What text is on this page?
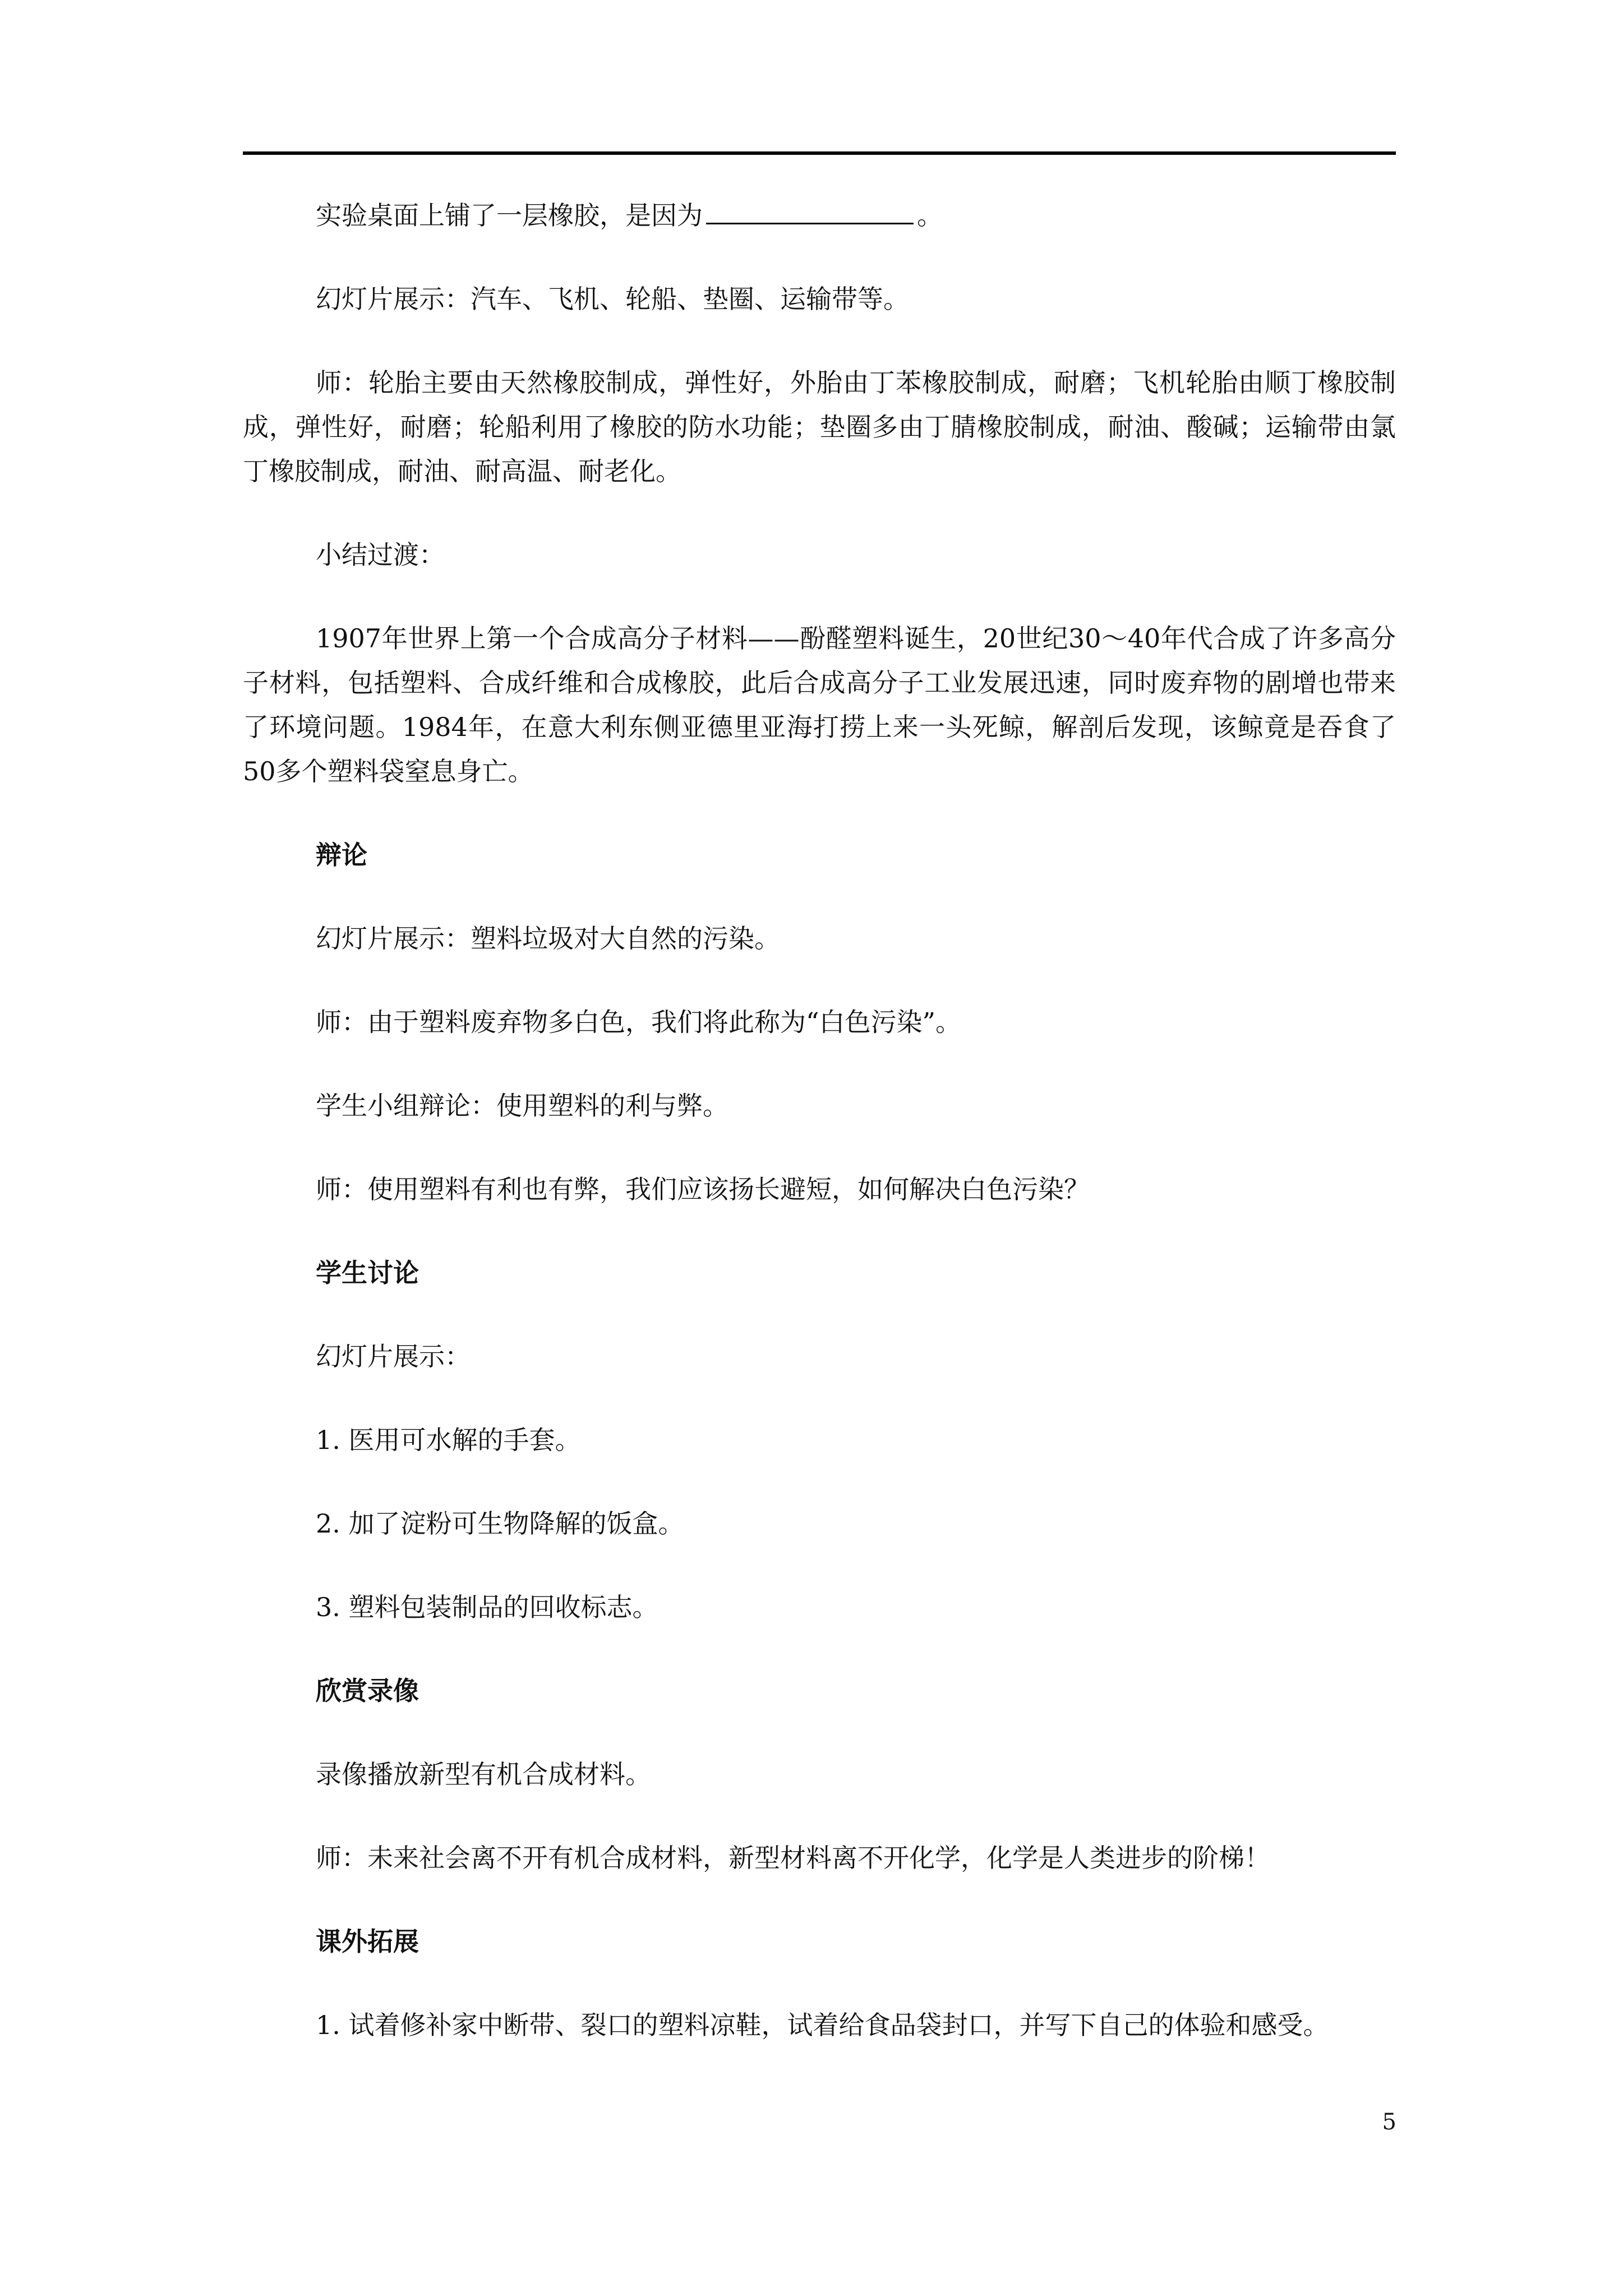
实验桌面上铺了一层橡胶，是因为	。

幻灯片展示：汽车、飞机、轮船、垫圈、运输带等。

师：轮胎主要由天然橡胶制成，弹性好，外胎由丁苯橡胶制成，耐磨；飞机轮胎由顺丁橡胶制成，弹性好，耐磨；轮船利用了橡胶的防水功能；垫圈多由丁腈橡胶制成，耐油、酸碱；运输带由氯丁橡胶制成，耐油、耐高温、耐老化。

小结过渡：

1907年世界上第一个合成高分子材料——酚醛塑料诞生，20世纪30～40年代合成了许多高分子材料，包括塑料、合成纤维和合成橡胶，此后合成高分子工业发展迅速，同时废弃物的剧增也带来了环境问题。1984年，在意大利东侧亚德里亚海打捞上来一头死鲸，解剖后发现，该鲸竟是吞食了50多个塑料袋窒息身亡。

辩论

幻灯片展示：塑料垃圾对大自然的污染。

师：由于塑料废弃物多白色，我们将此称为“白色污染”。

学生小组辩论：使用塑料的利与弊。

师：使用塑料有利也有弊，我们应该扬长避短，如何解决白色污染？

学生讨论

幻灯片展示：

1. 医用可水解的手套。

2. 加了淀粉可生物降解的饭盒。

3. 塑料包装制品的回收标志。

欣赏录像

录像播放新型有机合成材料。

师：未来社会离不开有机合成材料，新型材料离不开化学，化学是人类进步的阶梯！

课外拓展

1. 试着修补家中断带、裂口的塑料凉鞋，试着给食品袋封口，并写下自己的体验和感受。

5
